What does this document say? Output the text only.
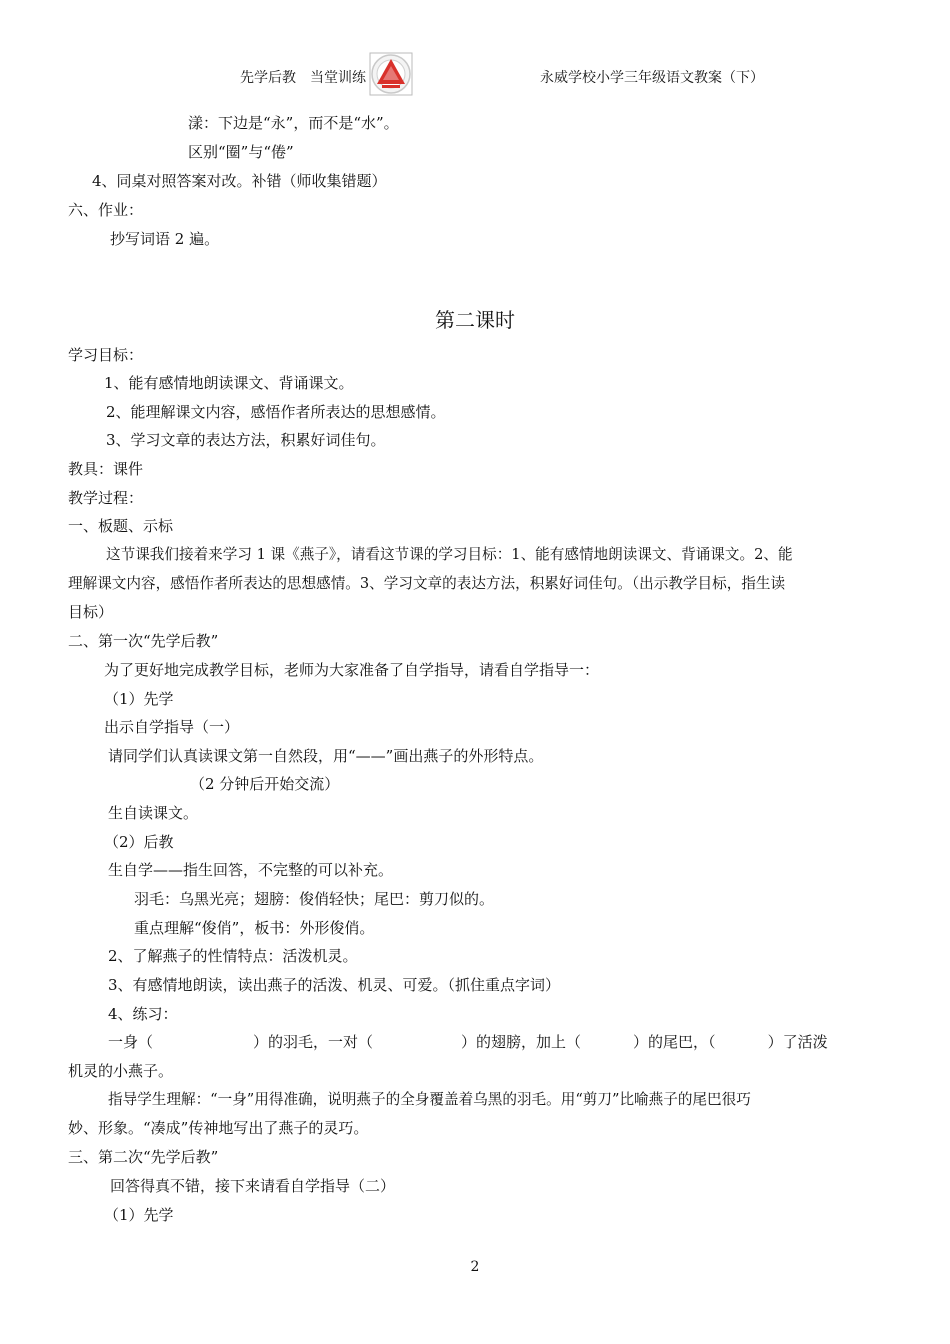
先学后教　当堂训练	永威学校小学三年级语文教案（下）
漾：下边是“永”，而不是“水”。
区别“圈”与“倦”
4、同桌对照答案对改。补错（师收集错题）
六、作业：
抄写词语 2 遍。
第二课时
学习目标：
1、能有感情地朗读课文、背诵课文。
2、能理解课文内容，感悟作者所表达的思想感情。
3、学习文章的表达方法，积累好词佳句。
教具：课件
教学过程：
一、板题、示标
这节课我们接着来学习 1 课《燕子》，请看这节课的学习目标：1、能有感情地朗读课文、背诵课文。2、能
理解课文内容，感悟作者所表达的思想感情。3、学习文章的表达方法，积累好词佳句。（出示教学目标，指生读
目标）
二、第一次“先学后教”
为了更好地完成教学目标，老师为大家准备了自学指导，请看自学指导一：
（1）先学
出示自学指导（一）
请同学们认真读课文第一自然段，用“——”画出燕子的外形特点。
（2 分钟后开始交流）
生自读课文。
（2）后教
生自学——指生回答，不完整的可以补充。
羽毛：乌黑光亮；翅膀：俊俏轻快；尾巴：剪刀似的。
重点理解“俊俏”，板书：外形俊俏。
2、了解燕子的性情特点：活泼机灵。
3、有感情地朗读，读出燕子的活泼、机灵、可爱。（抓住重点字词）
4、练习：
一身（	）的羽毛，一对（	）的翅膀，加上（	）的尾巴，（	）了活泼
机灵的小燕子。
指导学生理解：“一身”用得准确，说明燕子的全身覆盖着乌黑的羽毛。用“剪刀”比喻燕子的尾巴很巧
妙、形象。“凑成”传神地写出了燕子的灵巧。
三、第二次“先学后教”
回答得真不错，接下来请看自学指导（二）
（1）先学
2
